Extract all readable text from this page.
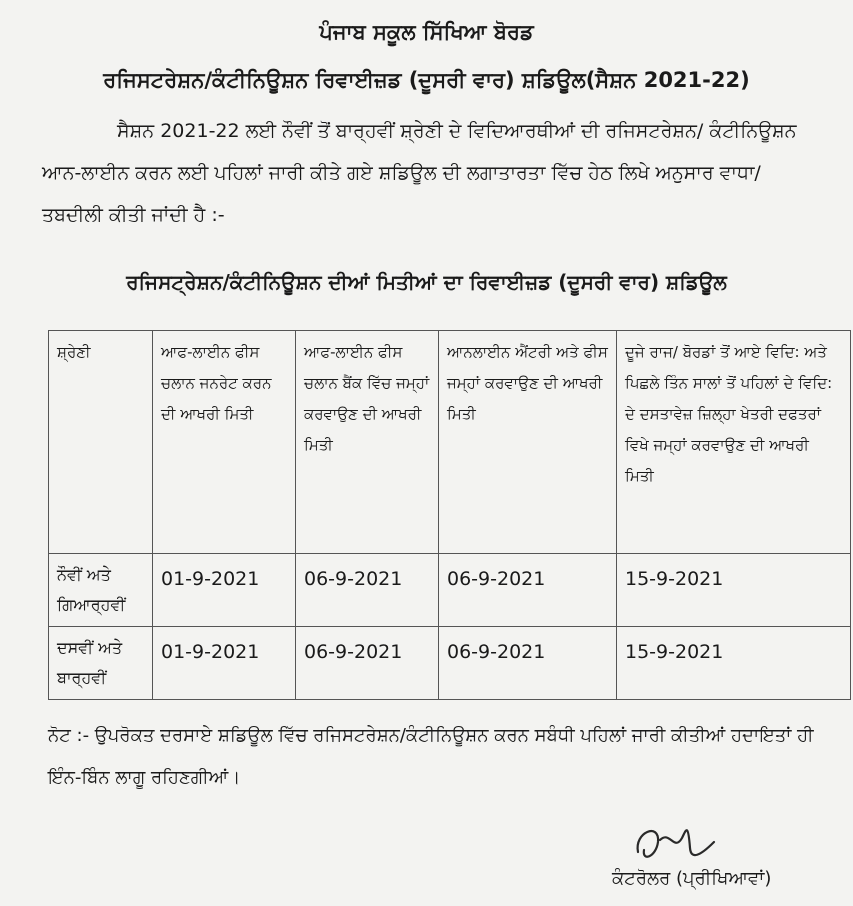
ਪੰਜਾਬ ਸਕੂਲ ਸਿੱਖਿਆ ਬੋਰਡ
ਰਜਿਸਟਰੇਸ਼ਨ/ਕੰਟੀਨਿਊਸ਼ਨ ਰਿਵਾਈਜ਼ਡ (ਦੂਸਰੀ ਵਾਰ) ਸ਼ਡਿਊਲ(ਸੈਸ਼ਨ 2021-22)
ਸੈਸ਼ਨ 2021-22 ਲਈ ਨੌਵੀਂ ਤੋਂ ਬਾਰ੍ਹਵੀਂ ਸ਼੍ਰੇਣੀ ਦੇ ਵਿਦਿਆਰਥੀਆਂ ਦੀ ਰਜਿਸਟਰੇਸ਼ਨ/ ਕੰਟੀਨਿਊਸ਼ਨ ਆਨ-ਲਾਈਨ ਕਰਨ ਲਈ ਪਹਿਲਾਂ ਜਾਰੀ ਕੀਤੇ ਗਏ ਸ਼ਡਿਊਲ ਦੀ ਲਗਾਤਾਰਤਾ ਵਿੱਚ ਹੇਠ ਲਿਖੇ ਅਨੁਸਾਰ ਵਾਧਾ/ਤਬਦੀਲੀ ਕੀਤੀ ਜਾਂਦੀ ਹੈ :-
ਰਜਿਸਟ੍ਰੇਸ਼ਨ/ਕੰਟੀਨਿਊਸ਼ਨ ਦੀਆਂ ਮਿਤੀਆਂ ਦਾ ਰਿਵਾਈਜ਼ਡ (ਦੂਸਰੀ ਵਾਰ) ਸ਼ਡਿਊਲ
ਸ਼੍ਰੇਣੀ	ਆਫ-ਲਾਈਨ ਫੀਸ ਚਲਾਨ ਜਨਰੇਟ ਕਰਨ ਦੀ ਆਖਰੀ ਮਿਤੀ	ਆਫ-ਲਾਈਨ ਫੀਸ ਚਲਾਨ ਬੈਂਕ ਵਿੱਚ ਜਮ੍ਹਾਂ ਕਰਵਾਉਣ ਦੀ ਆਖਰੀ ਮਿਤੀ	ਆਨਲਾਈਨ ਐਂਟਰੀ ਅਤੇ ਫੀਸ ਜਮ੍ਹਾਂ ਕਰਵਾਉਣ ਦੀ ਆਖਰੀ ਮਿਤੀ	ਦੂਜੇ ਰਾਜ/ ਬੋਰਡਾਂ ਤੋਂ ਆਏ ਵਿਦਿ: ਅਤੇ ਪਿਛਲੇ ਤਿੰਨ ਸਾਲਾਂ ਤੋਂ ਪਹਿਲਾਂ ਦੇ ਵਿਦਿ: ਦੇ ਦਸਤਾਵੇਜ਼ ਜ਼ਿਲ੍ਹਾ ਖੇਤਰੀ ਦਫਤਰਾਂ ਵਿਖੇ ਜਮ੍ਹਾਂ ਕਰਵਾਉਣ ਦੀ ਆਖਰੀ ਮਿਤੀ
ਨੌਵੀਂ ਅਤੇ ਗਿਆਰ੍ਹਵੀਂ	01-9-2021	06-9-2021	06-9-2021	15-9-2021
ਦਸਵੀਂ ਅਤੇ ਬਾਰ੍ਹਵੀਂ	01-9-2021	06-9-2021	06-9-2021	15-9-2021
ਨੋਟ :- ਉਪਰੋਕਤ ਦਰਸਾਏ ਸ਼ਡਿਊਲ ਵਿੱਚ ਰਜਿਸਟਰੇਸ਼ਨ/ਕੰਟੀਨਿਊਸ਼ਨ ਕਰਨ ਸਬੰਧੀ ਪਹਿਲਾਂ ਜਾਰੀ ਕੀਤੀਆਂ ਹਦਾਇਤਾਂ ਹੀ ਇੰਨ-ਬਿੰਨ ਲਾਗੂ ਰਹਿਣਗੀਆਂ।
ਕੰਟਰੋਲਰ (ਪ੍ਰੀਖਿਆਵਾਂ)
